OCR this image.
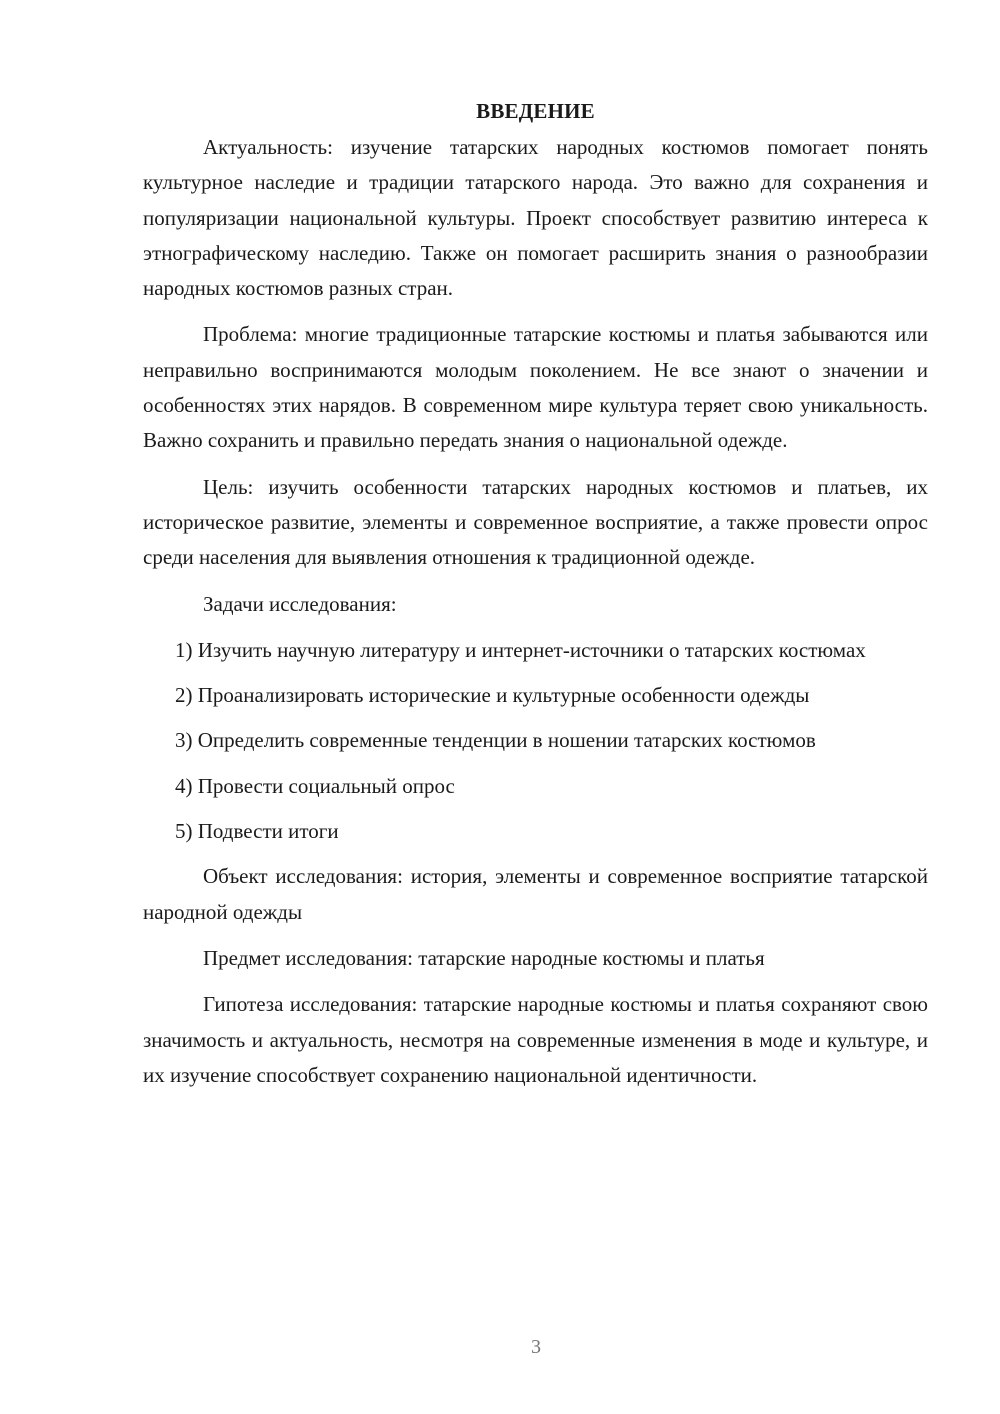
ВВЕДЕНИЕ

Актуальность: изучение татарских народных костюмов помогает понять культурное наследие и традиции татарского народа. Это важно для сохранения и популяризации национальной культуры. Проект способствует развитию интереса к этнографическому наследию. Также он помогает расширить знания о разнообразии народных костюмов разных стран.

Проблема: многие традиционные татарские костюмы и платья забываются или неправильно воспринимаются молодым поколением. Не все знают о значении и особенностях этих нарядов. В современном мире культура теряет свою уникальность. Важно сохранить и правильно передать знания о национальной одежде.

Цель: изучить особенности татарских народных костюмов и платьев, их историческое развитие, элементы и современное восприятие, а также провести опрос среди населения для выявления отношения к традиционной одежде.

Задачи исследования:

1) Изучить научную литературу и интернет-источники о татарских костюмах

2) Проанализировать исторические и культурные особенности одежды

3) Определить современные тенденции в ношении татарских костюмов

4) Провести социальный опрос

5) Подвести итоги

Объект исследования: история, элементы и современное восприятие татарской народной одежды

Предмет исследования: татарские народные костюмы и платья

Гипотеза исследования: татарские народные костюмы и платья сохраняют свою значимость и актуальность, несмотря на современные изменения в моде и культуре, и их изучение способствует сохранению национальной идентичности.

3
